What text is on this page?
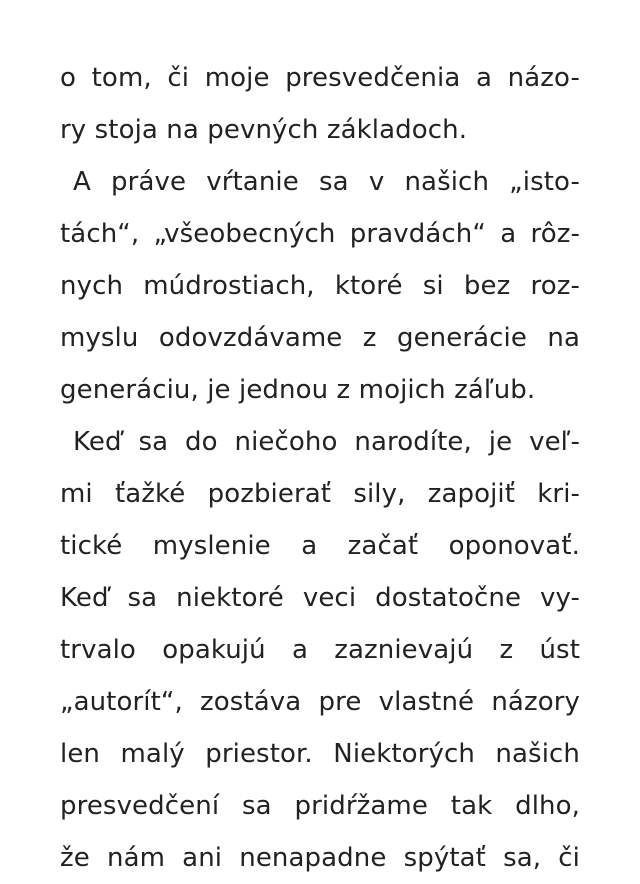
o tom, či moje presvedčenia a názo-
ry stoja na pevných základoch.
A práve vŕtanie sa v našich „isto-
tách“, „všeobecných pravdách“ a rôz-
nych múdrostiach, ktoré si bez roz-
myslu odovzdávame z generácie na
generáciu, je jednou z mojich záľub.
Keď sa do niečoho narodíte, je veľ-
mi ťažké pozbierať sily, zapojiť kri-
tické myslenie a začať oponovať.
Keď sa niektoré veci dostatočne vy-
trvalo opakujú a zaznievajú z úst
„autorít“, zostáva pre vlastné názory
len malý priestor. Niektorých našich
presvedčení sa pridŕžame tak dlho,
že nám ani nenapadne spýtať sa, či
